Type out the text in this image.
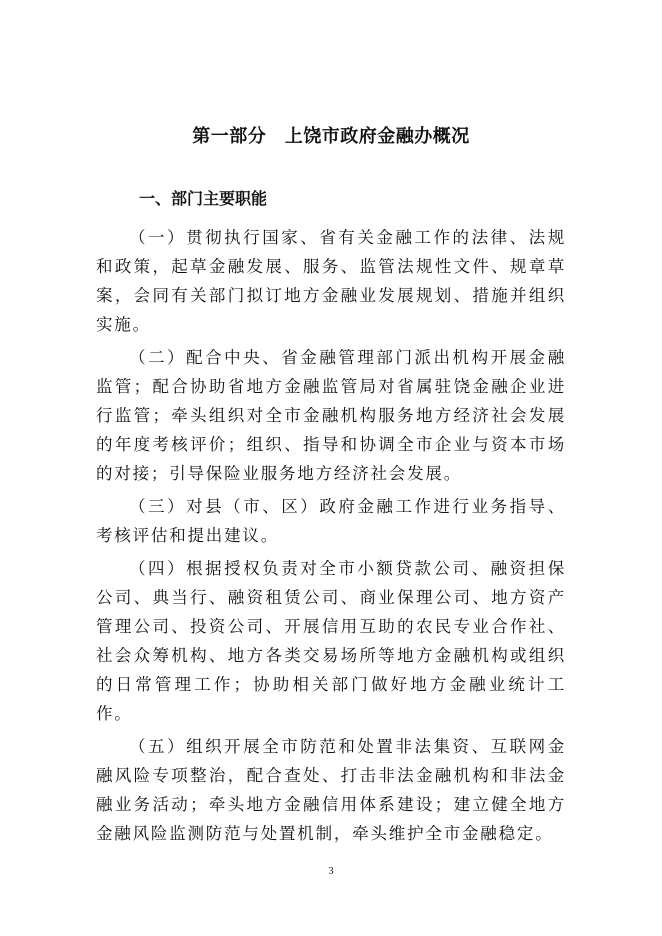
第一部分　上饶市政府金融办概况
一、部门主要职能

（一）贯彻执行国家、省有关金融工作的法律、法规和政策，起草金融发展、服务、监管法规性文件、规章草案，会同有关部门拟订地方金融业发展规划、措施并组织实施。

（二）配合中央、省金融管理部门派出机构开展金融监管；配合协助省地方金融监管局对省属驻饶金融企业进行监管；牵头组织对全市金融机构服务地方经济社会发展的年度考核评价；组织、指导和协调全市企业与资本市场的对接；引导保险业服务地方经济社会发展。

（三）对县（市、区）政府金融工作进行业务指导、考核评估和提出建议。

（四）根据授权负责对全市小额贷款公司、融资担保公司、典当行、融资租赁公司、商业保理公司、地方资产管理公司、投资公司、开展信用互助的农民专业合作社、社会众筹机构、地方各类交易场所等地方金融机构或组织的日常管理工作；协助相关部门做好地方金融业统计工作。

（五）组织开展全市防范和处置非法集资、互联网金融风险专项整治，配合查处、打击非法金融机构和非法金融业务活动；牵头地方金融信用体系建设；建立健全地方金融风险监测防范与处置机制，牵头维护全市金融稳定。

3
